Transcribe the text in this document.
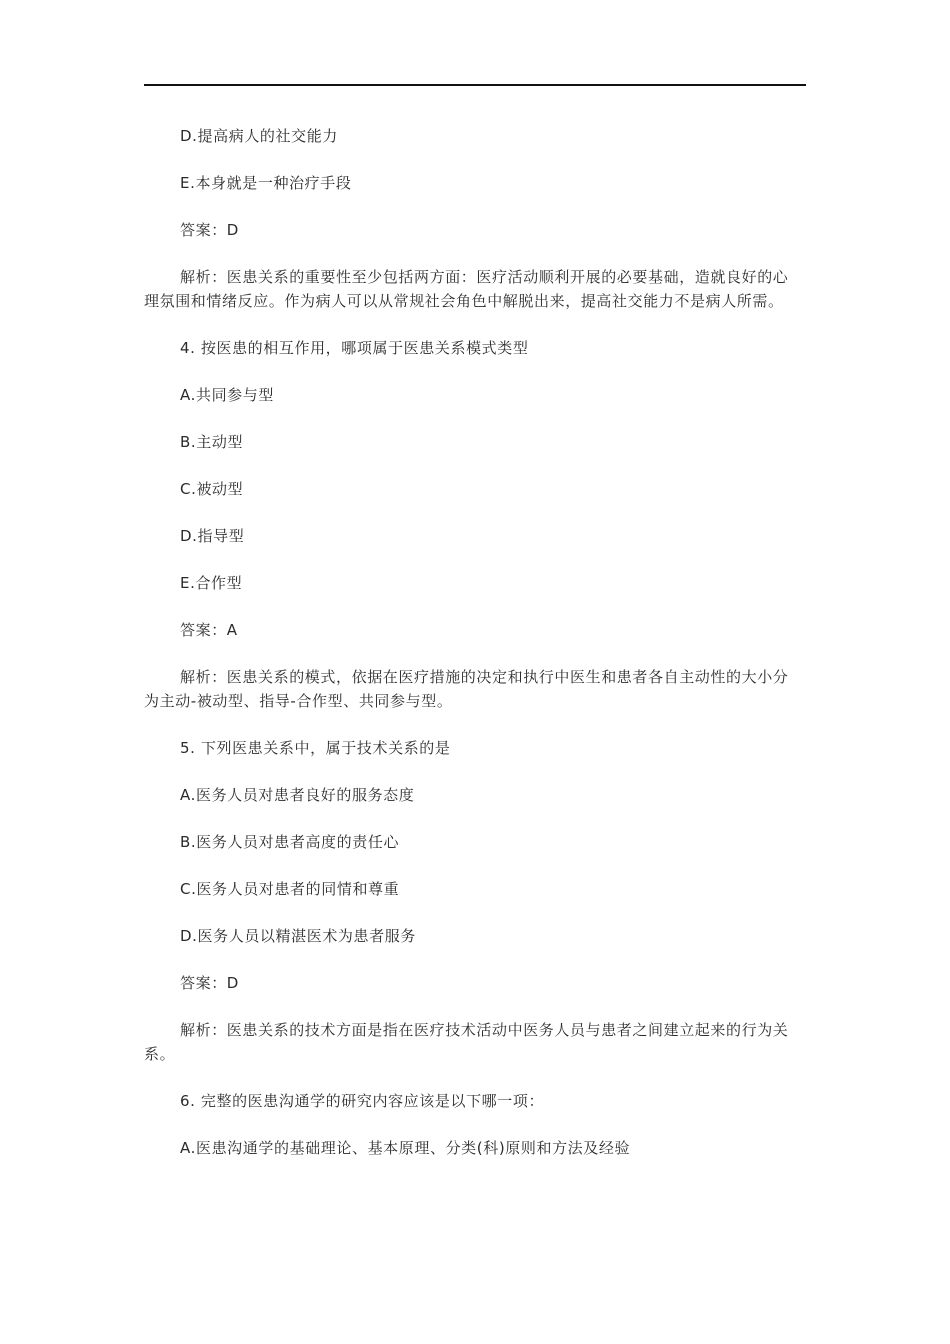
D.提高病人的社交能力

E.本身就是一种治疗手段

答案：D

解析：医患关系的重要性至少包括两方面：医疗活动顺利开展的必要基础，造就良好的心理氛围和情绪反应。作为病人可以从常规社会角色中解脱出来，提高社交能力不是病人所需。

4. 按医患的相互作用，哪项属于医患关系模式类型

A.共同参与型

B.主动型

C.被动型

D.指导型

E.合作型

答案：A

解析：医患关系的模式，依据在医疗措施的决定和执行中医生和患者各自主动性的大小分为主动-被动型、指导-合作型、共同参与型。

5. 下列医患关系中，属于技术关系的是

A.医务人员对患者良好的服务态度

B.医务人员对患者高度的责任心

C.医务人员对患者的同情和尊重

D.医务人员以精湛医术为患者服务

答案：D

解析：医患关系的技术方面是指在医疗技术活动中医务人员与患者之间建立起来的行为关系。

6. 完整的医患沟通学的研究内容应该是以下哪一项：

A.医患沟通学的基础理论、基本原理、分类(科)原则和方法及经验
